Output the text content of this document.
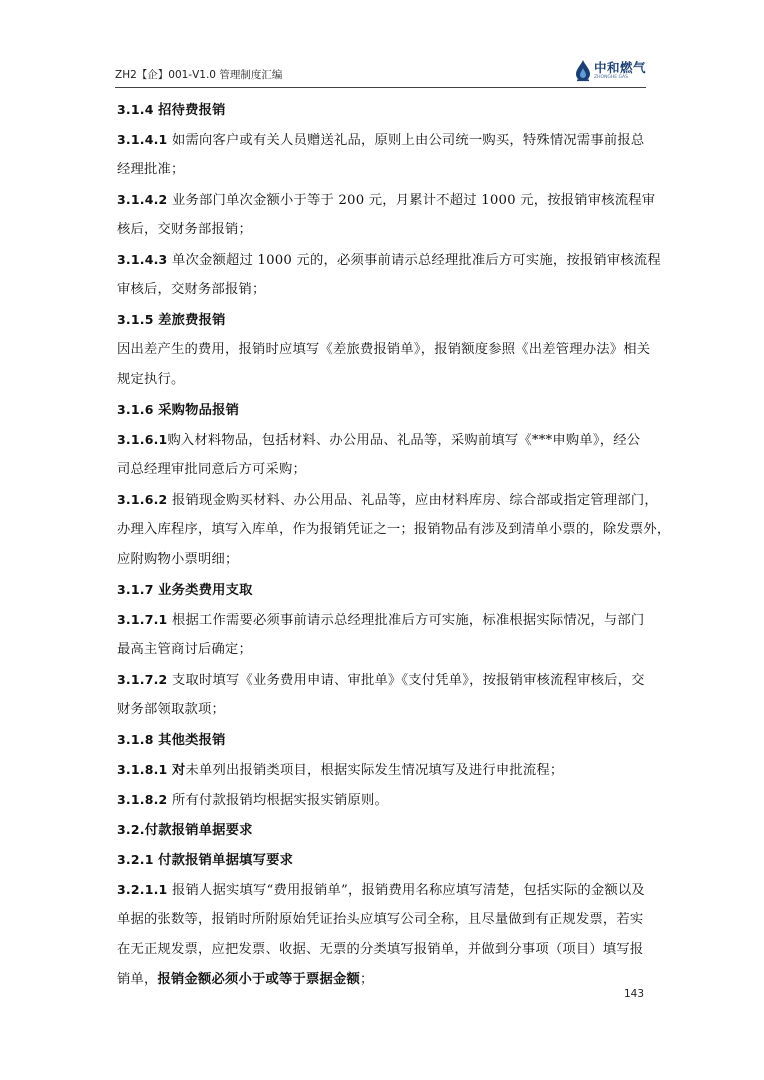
ZH2【企】001-V1.0 管理制度汇编	中和燃气
ZHONGHE GAS
3.1.4 招待费报销
3.1.4.1 如需向客户或有关人员赠送礼品，原则上由公司统一购买，特殊情况需事前报总
经理批准；
3.1.4.2 业务部门单次金额小于等于 200 元，月累计不超过 1000 元，按报销审核流程审
核后，交财务部报销；
3.1.4.3 单次金额超过 1000 元的，必须事前请示总经理批准后方可实施，按报销审核流程
审核后，交财务部报销；
3.1.5 差旅费报销
因出差产生的费用，报销时应填写《差旅费报销单》，报销额度参照《出差管理办法》相关
规定执行。
3.1.6 采购物品报销
3.1.6.1购入材料物品，包括材料、办公用品、礼品等，采购前填写《***申购单》，经公
司总经理审批同意后方可采购；
3.1.6.2 报销现金购买材料、办公用品、礼品等，应由材料库房、综合部或指定管理部门，
办理入库程序，填写入库单，作为报销凭证之一；报销物品有涉及到清单小票的，除发票外，
应附购物小票明细；
3.1.7 业务类费用支取
3.1.7.1 根据工作需要必须事前请示总经理批准后方可实施，标准根据实际情况，与部门
最高主管商讨后确定；
3.1.7.2 支取时填写《业务费用申请、审批单》《支付凭单》，按报销审核流程审核后，交
财务部领取款项；
3.1.8 其他类报销
3.1.8.1 对未单列出报销类项目，根据实际发生情况填写及进行申批流程；
3.1.8.2 所有付款报销均根据实报实销原则。
3.2.付款报销单据要求
3.2.1 付款报销单据填写要求
3.2.1.1 报销人据实填写“费用报销单”，报销费用名称应填写清楚，包括实际的金额以及
单据的张数等，报销时所附原始凭证抬头应填写公司全称，且尽量做到有正规发票，若实
在无正规发票，应把发票、收据、无票的分类填写报销单，并做到分事项（项目）填写报
销单，报销金额必须小于或等于票据金额；
143
